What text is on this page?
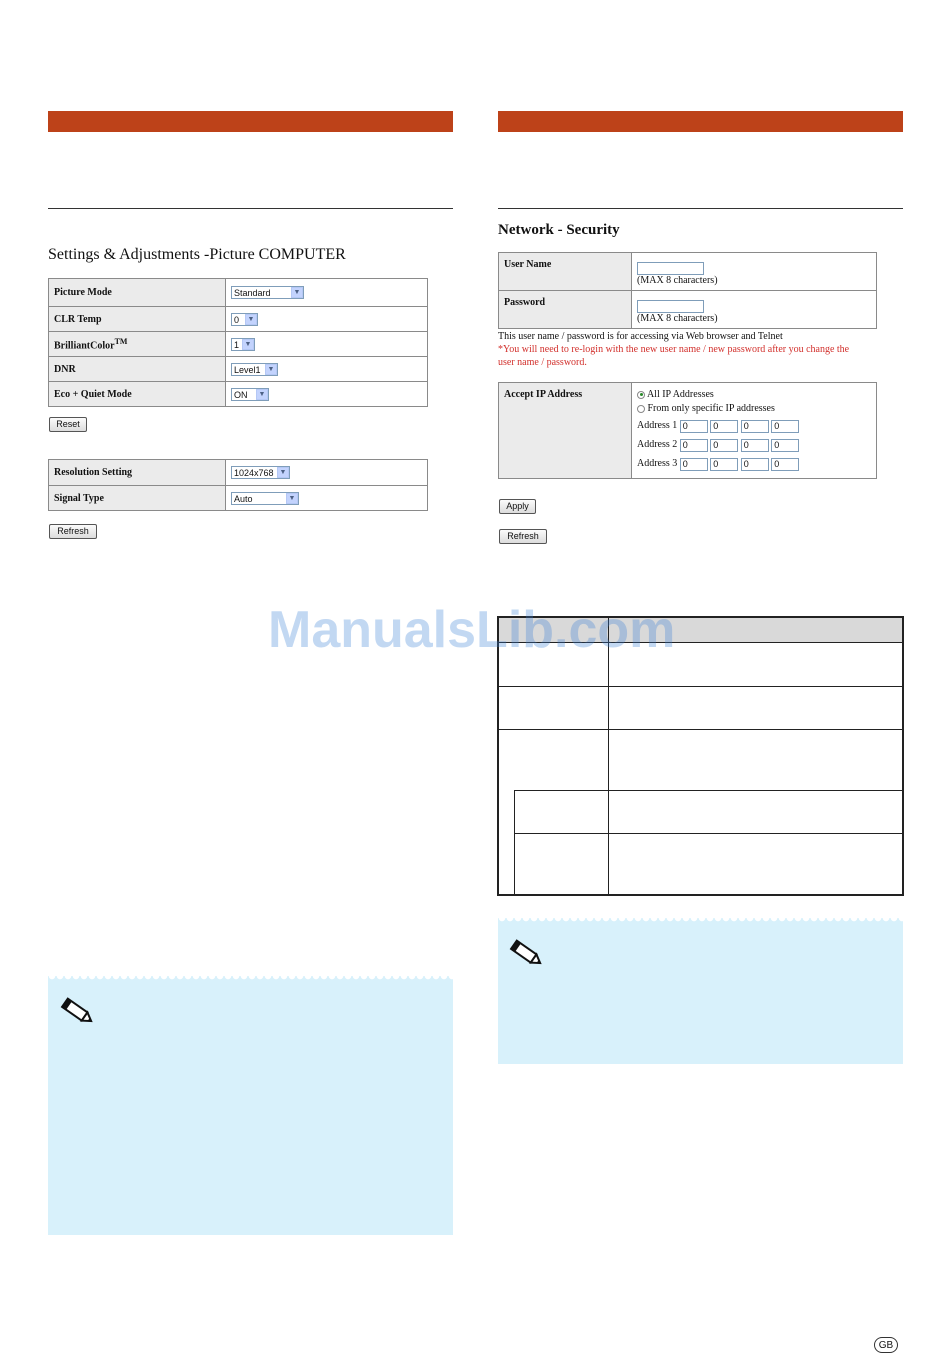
Settings & Adjustments -Picture COMPUTER
Picture Mode	Standard ▼

CLR Temp	0 ▼

BrilliantColor™	1 ▼

DNR	Level1 ▼

Eco + Quiet Mode	ON ▼
Reset
Resolution Setting	1024x768 ▼

Signal Type	Auto ▼
Refresh
Network - Security
User Name	(MAX 8 characters)
Password	(MAX 8 characters)
This user name / password is for accessing via Web browser and Telnet
*You will need to re-login with the new user name / new password after you change the
user name / password.
Accept IP Address	All IP Addresses
From only specific IP addresses
Address 1 0	0	0	0
Address 2 0	0	0	0
Address 3 0	0	0	0
Apply
Refresh
ManualsLib.com
GB
